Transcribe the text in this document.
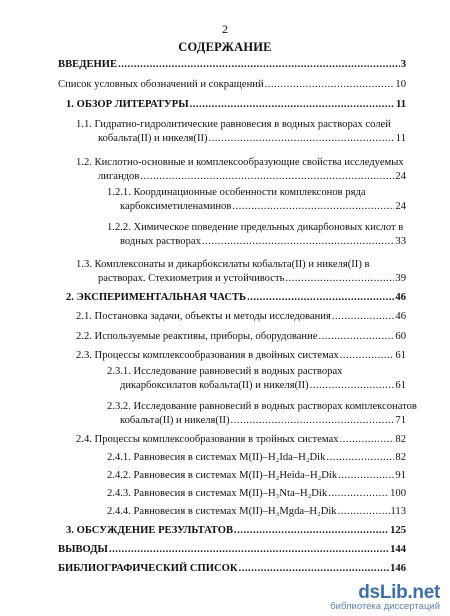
2
СОДЕРЖАНИЕ
ВВЕДЕНИЕ .....	3
Список условных обозначений и сокращений .....	10
1. ОБЗОР ЛИТЕРАТУРЫ .....	11
1.1. Гидратно-гидролитические равновесия в водных растворах солей
кобальта(II) и никеля(II) .....	11
1.2. Кислотно-основные и комплексообразующие свойства исследуемых
лигандов .....	24
1.2.1. Координационные особенности комплексонов ряда
карбоксиметиленаминов .....	24
1.2.2. Химическое поведение предельных дикарбоновых кислот в
водных растворах .....	33
1.3. Комплексонаты и дикарбоксилаты кобальта(II) и никеля(II) в
растворах. Стехиометрия и устойчивость .....	39
2. ЭКСПЕРИМЕНТАЛЬНАЯ ЧАСТЬ .....	46
2.1. Постановка задачи, объекты и методы исследования .....	46
2.2. Используемые реактивы, приборы, оборудование .....	60
2.3. Процессы комплексообразования в двойных системах .....	61
2.3.1. Исследование равновесий в водных растворах
дикарбоксилатов кобальта(II) и никеля(II) .....	61
2.3.2. Исследование равновесий в водных растворах комплексонатов
кобальта(II) и никеля(II) .....	71
2.4. Процессы комплексообразования в тройных системах .....	82
2.4.1. Равновесия в системах М(II)–H₂Ida–H₂Dik .....	82
2.4.2. Равновесия в системах М(II)–H₂Heida–H₂Dik .....	91
2.4.3. Равновесия в системах М(II)–H₃Nta–H₂Dik .....	100
2.4.4. Равновесия в системах М(II)–H₃Mgda–H₂Dik .....	113
3. ОБСУЖДЕНИЕ РЕЗУЛЬТАТОВ .....	125
ВЫВОДЫ .....	144
БИБЛИОГРАФИЧЕСКИЙ СПИСОК .....	146
dsLib.net
библиотека диссертаций
